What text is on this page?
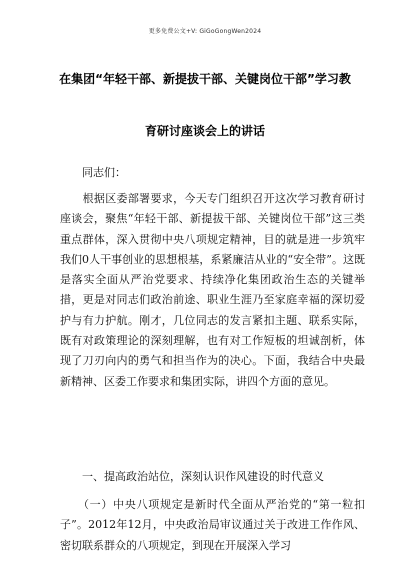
更多免费公文+V: GiGoGongWen2024
在集团“年轻干部、新提拔干部、关键岗位干部”学习教
育研讨座谈会上的讲话
同志们：
　　根据区委部署要求，今天专门组织召开这次学习教育研讨座谈会，聚焦“年轻干部、新提拔干部、关键岗位干部”这三类重点群体，深入贯彻中央八项规定精神，目的就是进一步筑牢我们0人干事创业的思想根基，系紧廉洁从业的“安全带”。这既是落实全面从严治党要求、持续净化集团政治生态的关键举措，更是对同志们政治前途、职业生涯乃至家庭幸福的深切爱护与有力护航。刚才，几位同志的发言紧扣主题、联系实际，既有对政策理论的深刻理解，也有对工作短板的坦诚剖析，体现了刀刃向内的勇气和担当作为的决心。下面，我结合中央最新精神、区委工作要求和集团实际，讲四个方面的意见。
一、提高政治站位，深刻认识作风建设的时代意义
　　（一）中央八项规定是新时代全面从严治党的“第一粒扣子”。2012年12月，中央政治局审议通过关于改进工作作风、密切联系群众的八项规定，到现在开展深入学习
